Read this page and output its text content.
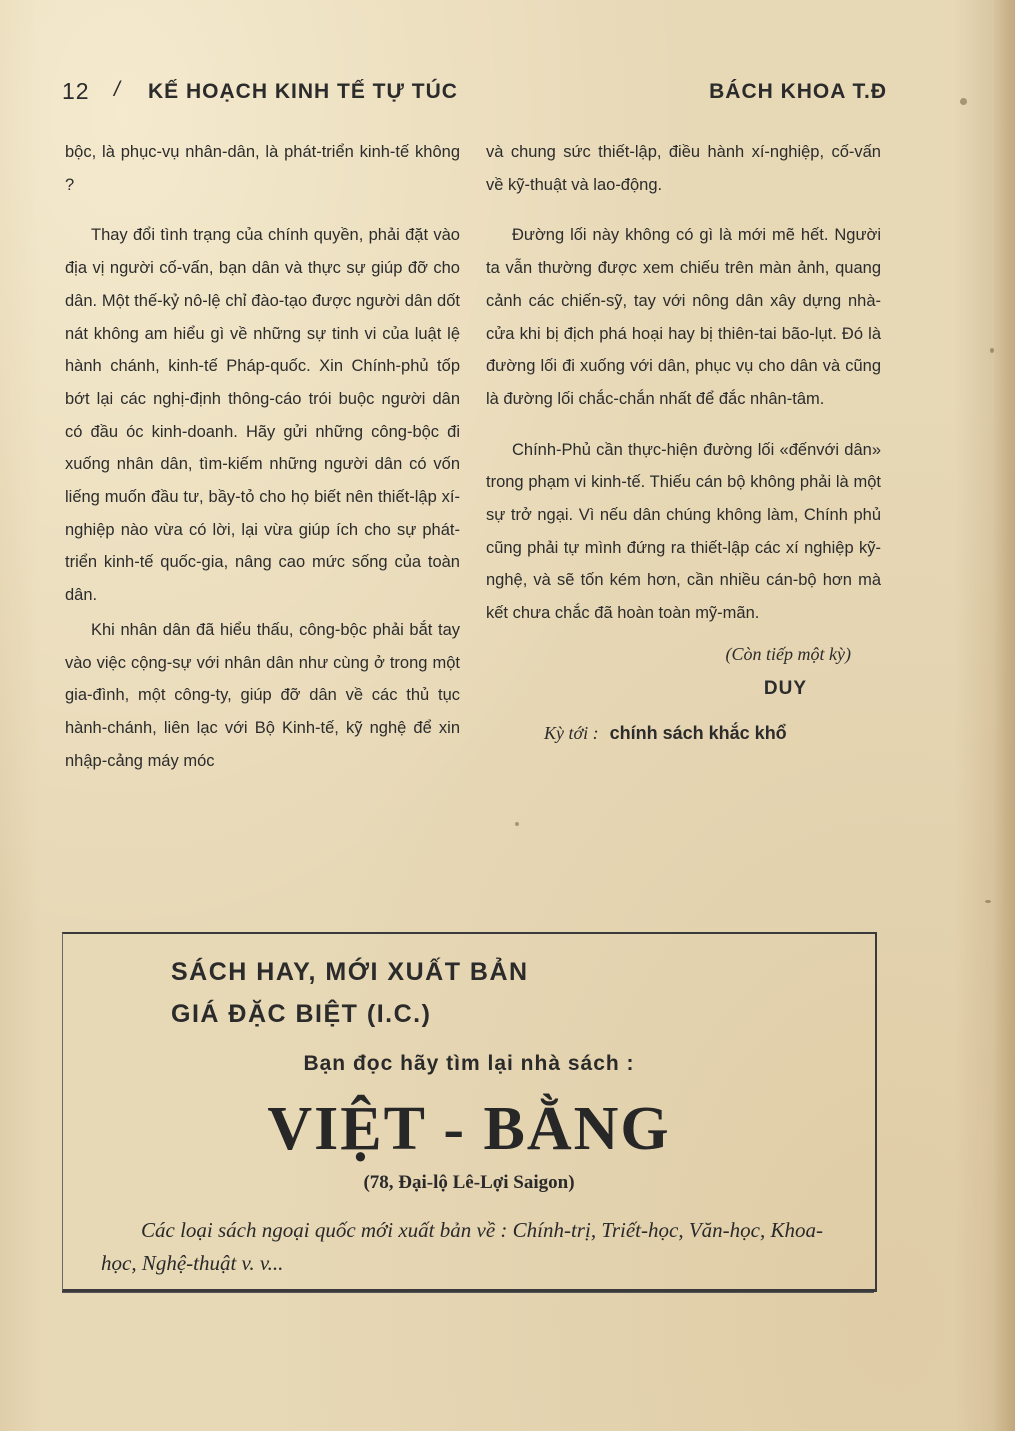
12 / KẾ HOẠCH KINH TẾ TỰ TÚC	BÁCH KHOA T.Đ

bộc, là phục-vụ nhân-dân, là phát-triển kinh-tế không ?

Thay đổi tình trạng của chính quyền, phải đặt vào địa vị người cố-vấn, bạn dân và thực sự giúp đỡ cho dân. Một thế-kỷ nô-lệ chỉ đào-tạo được người dân dốt nát không am hiểu gì về những sự tinh vi của luật lệ hành chánh, kinh-tế Pháp-quốc. Xin Chính-phủ tốp bớt lại các nghị-định thông-cáo trói buộc người dân có đầu óc kinh-doanh. Hãy gửi những công-bộc đi xuống nhân dân, tìm-kiếm những người dân có vốn liếng muốn đầu tư, bầy-tỏ cho họ biết nên thiết-lập xí-nghiệp nào vừa có lời, lại vừa giúp ích cho sự phát-triển kinh-tế quốc-gia, nâng cao mức sống của toàn dân.

Khi nhân dân đã hiểu thấu, công-bộc phải bắt tay vào việc cộng-sự với nhân dân như cùng ở trong một gia-đình, một công-ty, giúp đỡ dân về các thủ tục hành-chánh, liên lạc với Bộ Kinh-tế, kỹ nghệ để xin nhập-cảng máy móc

và chung sức thiết-lập, điều hành xí-nghiệp, cố-vấn về kỹ-thuật và lao-động.

Đường lối này không có gì là mới mẽ hết. Người ta vẫn thường được xem chiếu trên màn ảnh, quang cảnh các chiến-sỹ, tay với nông dân xây dựng nhà-cửa khi bị địch phá hoại hay bị thiên-tai bão-lụt. Đó là đường lối đi xuống với dân, phục vụ cho dân và cũng là đường lối chắc-chắn nhất để đắc nhân-tâm.

Chính-Phủ cần thực-hiện đường lối «đếnvới dân» trong phạm vi kinh-tế. Thiếu cán bộ không phải là một sự trở ngại. Vì nếu dân chúng không làm, Chính phủ cũng phải tự mình đứng ra thiết-lập các xí nghiệp kỹ-nghệ, và sẽ tốn kém hơn, cần nhiều cán-bộ hơn mà kết chưa chắc đã hoàn toàn mỹ-mãn.

(Còn tiếp một kỳ)
DUY
Kỳ tới : chính sách khắc khổ
SÁCH HAY, MỚI XUẤT BẢN
GIÁ ĐẶC BIỆT (I.C.)
Bạn đọc hãy tìm lại nhà sách :
VIỆT - BẰNG
(78, Đại-lộ Lê-Lợi Saigon)
Các loại sách ngoại quốc mới xuất bản về : Chính-trị, Triết-học, Văn-học, Khoa-học, Nghệ-thuật v. v...
